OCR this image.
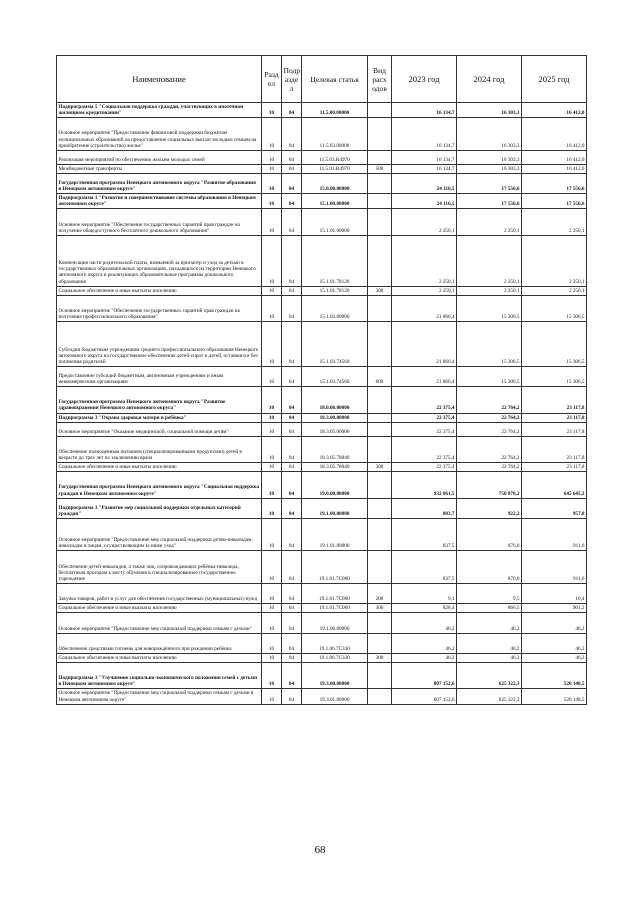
Наименование	Разд ел	Подр азде л	Целевая статья	Вид расх одов	2023 год	2024 год	2025 год
Подпрограмма 5 "Социальная поддержка граждан, участвующих в ипотечном жилищном кредитовании"	10	04	11.5.00.00000		16 134,7	16 303,3	16 412,0
Основное мероприятие "Предоставление финансовой поддержки бюджетам муниципальных образований на предоставление социальных выплат молодым семьям на приобретение (строительство) жилья"	10	04	11.5.03.00000		16 134,7	16 303,3	16 412,0
Реализация мероприятий по обеспечению жильем молодых семей	10	04	11.5.03.R4970		16 134,7	16 303,3	16 412,0
Межбюджетные трансферты	10	04	11.5.03.R4970	500	16 134,7	16 303,3	16 412,0
Государственная программа Ненецкого автономного округа "Развитие образования в Ненецком автономном округе"	10	04	15.0.00.00000		24 116,5	17 556,6	17 556,6
Подпрограмма 1 "Развитие и совершенствование системы образования в Ненецком автономном округе"	10	04	15.1.00.00000		24 116,5	17 556,6	17 556,6
Основное мероприятие "Обеспечение государственных гарантий прав граждан на получение общедоступного бесплатного дошкольного образования"	10	04	15.1.01.00000		2 250,1	2 250,1	2 250,1
Компенсация части родительской платы, взимаемой за присмотр и уход за детьми в государственных образовательных организациях, находящихся на территории Ненецкого автономного округа и реализующих образовательные программы дошкольного образования	10	04	15.1.01.78120		2 250,1	2 250,1	2 250,1
Социальное обеспечение и иные выплаты населению	10	04	15.1.01.78120	300	2 250,1	2 250,1	2 250,1
Основное мероприятие "Обеспечение государственных гарантий прав граждан на получение профессионального образования"	10	04	15.1.03.00000		21 866,4	15 306,5	15 306,5
Субсидии бюджетным учреждениям среднего профессионального образования Ненецкого автономного округа на государственное обеспечение детей-сирот и детей, оставшихся без попечения родителей	10	04	15.1.03.74560		21 866,4	15 306,5	15 306,5
Предоставление субсидий бюджетным, автономным учреждениям и иным некоммерческим организациям	10	04	15.1.03.74560	600	21 866,4	15 306,5	15 306,5
Государственная программа Ненецкого автономного округа "Развитие здравоохранения Ненецкого автономного округа"	10	04	18.0.00.00000		22 375,4	22 764,2	23 117,8
Подпрограмма 3 "Охрана здоровья матери и ребёнка"	10	04	18.3.00.00000		22 375,4	22 764,2	23 117,8
Основное мероприятие "Оказание медицинской, социальной помощи детям"	10	04	18.3.05.00000		22 375,4	22 764,2	23 117,8
Обеспечение полноценным питанием (специализированными продуктами) детей в возрасте до трех лет по заключению врача	10	04	18.3.05.78040		22 375,4	22 764,2	23 117,8
Социальное обеспечение и иные выплаты населению	10	04	18.3.05.78040	300	22 375,4	22 764,2	23 117,8
Государственная программа Ненецкого автономного округа "Социальная поддержка граждан в Ненецком автономном округе"	10	04	19.0.00.00000		932 861,5	750 870,2	645 645,2
Подпрограмма 1 "Развитие мер социальной поддержки отдельных категорий граждан"	10	04	19.1.00.00000		883,7	922,2	957,8
Основное мероприятие "Предоставление мер социальной поддержки детям-инвалидам, инвалидам и лицам, осуществляющим за ними уход"	10	04	19.1.01.00000		837,5	876,0	911,6
Обеспечение детей-инвалидов, а также лиц, сопровождающих ребёнка-инвалида, бесплатным проездом к месту обучения в специализированное государственное учреждение	10	04	19.1.01.7C060		837,5	876,0	911,6
Закупка товаров, работ и услуг для обеспечения государственных (муниципальных) нужд	10	04	19.1.01.7C060	200	9,1	9,5	10,4
Социальное обеспечение и иные выплаты населению	10	04	19.1.01.7C060	300	828,4	866,5	901,2
Основное мероприятие "Предоставление мер социальной поддержки семьям с детьми"	10	04	19.1.06.00000		46,2	46,2	46,2
Обеспечение средствами гигиены для новорождённого при рождении ребёнка	10	04	19.1.06.7C330		46,2	46,2	46,2
Социальное обеспечение и иные выплаты населению	10	04	19.1.06.7C330	300	46,2	46,2	46,2
Подпрограмма 3 "Улучшение социально-экономического положения семей с детьми в Ненецком автономном округе"	10	04	19.3.00.00000		807 152,6	625 322,3	520 148,5
Основное мероприятие "Предоставление мер социальной поддержки семьям с детьми в Ненецком автономном округе"	10	04	19.3.01.00000		807 152,6	625 322,3	520 148,5
68
